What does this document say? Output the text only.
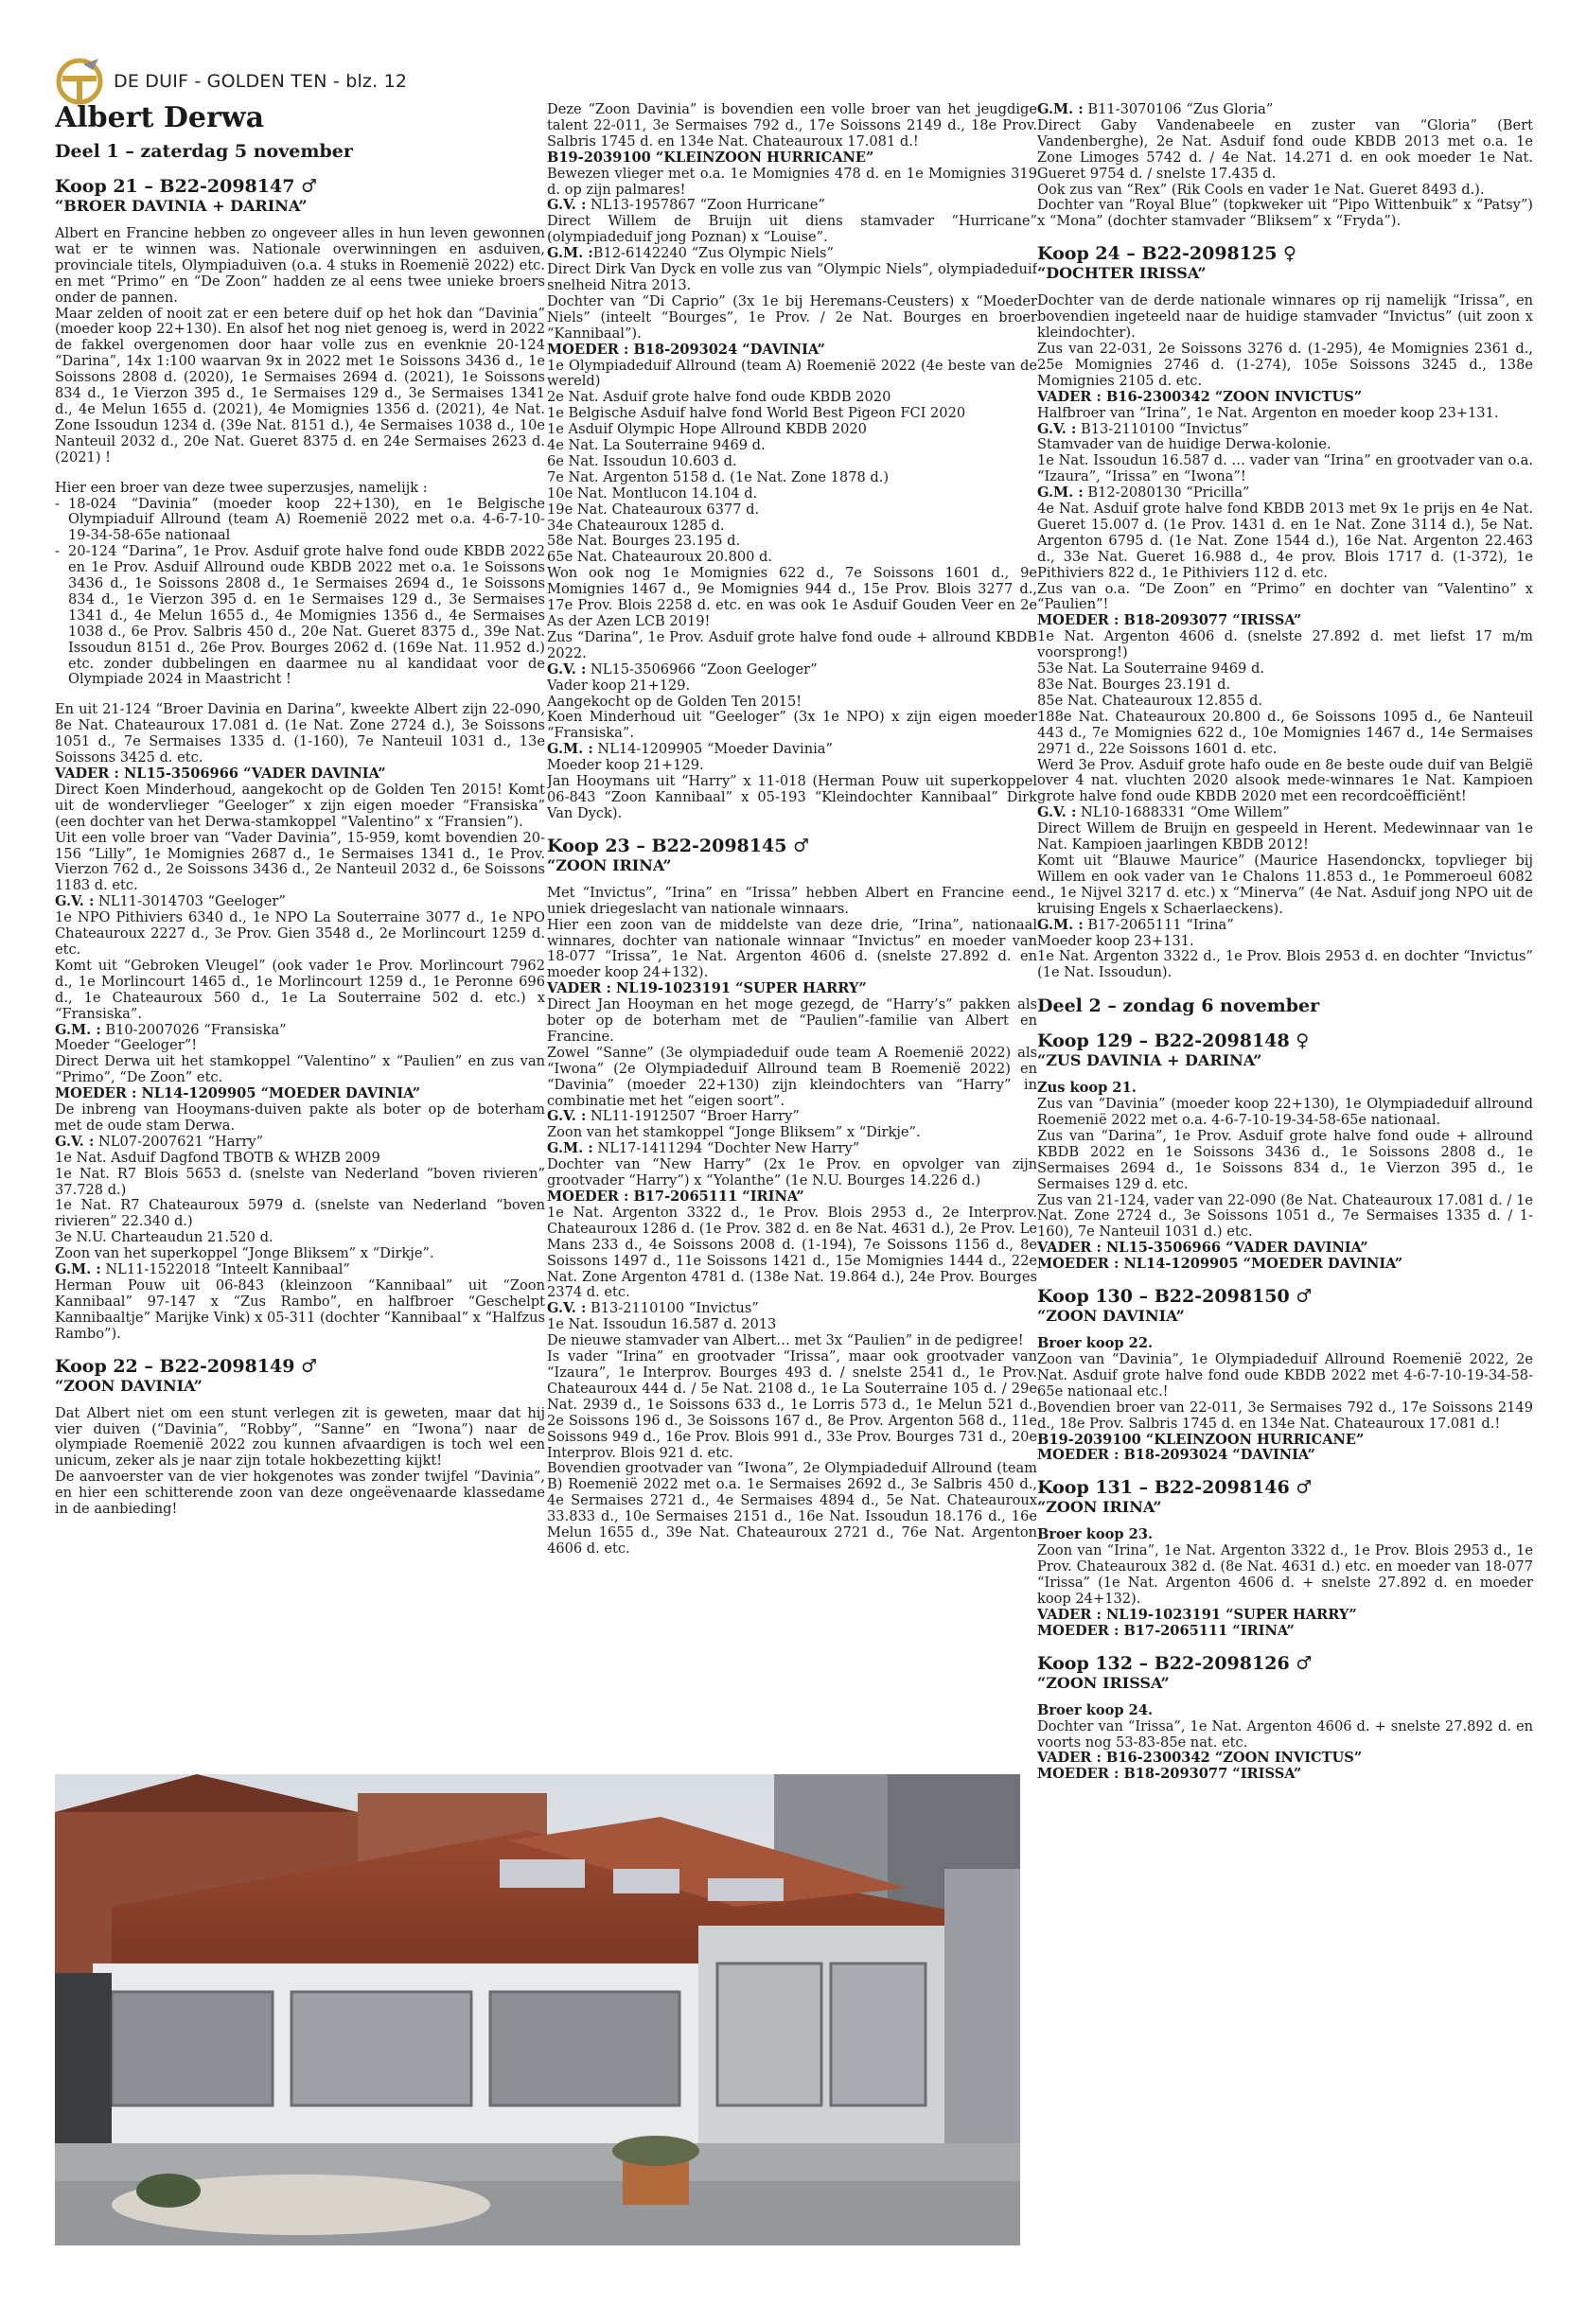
DE DUIF - GOLDEN TEN - blz. 12
Albert Derwa
Deel 1 – zaterdag 5 november
Koop 21 – B22-2098147 ♂
“BROER DAVINIA + DARINA”

Albert en Francine hebben zo ongeveer alles in hun leven gewonnen wat er te winnen was. Nationale overwinningen en asduiven, provinciale titels, Olympiaduiven (o.a. 4 stuks in Roemenië 2022) etc. en met “Primo” en “De Zoon” hadden ze al eens twee unieke broers onder de pannen.

Maar zelden of nooit zat er een betere duif op het hok dan “Davinia” (moeder koop 22+130). En alsof het nog niet genoeg is, werd in 2022 de fakkel overgenomen door haar volle zus en evenknie 20-124 “Darina”, 14x 1:100 waarvan 9x in 2022 met 1e Soissons 3436 d., 1e Soissons 2808 d. (2020), 1e Sermaises 2694 d. (2021), 1e Soissons 834 d., 1e Vierzon 395 d., 1e Sermaises 129 d., 3e Sermaises 1341 d., 4e Melun 1655 d. (2021), 4e Momignies 1356 d. (2021), 4e Nat. Zone Issoudun 1234 d. (39e Nat. 8151 d.), 4e Sermaises 1038 d., 10e Nanteuil 2032 d., 20e Nat. Gueret 8375 d. en 24e Sermaises 2623 d. (2021) !

Hier een broer van deze twee superzusjes, namelijk :

- 18-024 “Davinia” (moeder koop 22+130), en 1e Belgische Olympiaduif Allround (team A) Roemenië 2022 met o.a. 4-6-7-10-19-34-58-65e nationaal
- 20-124 “Darina”, 1e Prov. Asduif grote halve fond oude KBDB 2022 en 1e Prov. Asduif Allround oude KBDB 2022 met o.a. 1e Soissons 3436 d., 1e Soissons 2808 d., 1e Sermaises 2694 d., 1e Soissons 834 d., 1e Vierzon 395 d. en 1e Sermaises 129 d., 3e Sermaises 1341 d., 4e Melun 1655 d., 4e Momignies 1356 d., 4e Sermaises 1038 d., 6e Prov. Salbris 450 d., 20e Nat. Gueret 8375 d., 39e Nat. Issoudun 8151 d., 26e Prov. Bourges 2062 d. (169e Nat. 11.952 d.) etc. zonder dubbelingen en daarmee nu al kandidaat voor de Olympiade 2024 in Maastricht !

En uit 21-124 “Broer Davinia en Darina”, kweekte Albert zijn 22-090, 8e Nat. Chateauroux 17.081 d. (1e Nat. Zone 2724 d.), 3e Soissons 1051 d., 7e Sermaises 1335 d. (1-160), 7e Nanteuil 1031 d., 13e Soissons 3425 d. etc.

VADER : NL15-3506966 “VADER DAVINIA”

Direct Koen Minderhoud, aangekocht op de Golden Ten 2015! Komt uit de wondervlieger “Geeloger” x zijn eigen moeder “Fransiska” (een dochter van het Derwa-stamkoppel “Valentino” x “Fransien”).

Uit een volle broer van “Vader Davinia”, 15-959, komt bovendien 20-156 “Lilly”, 1e Momignies 2687 d., 1e Sermaises 1341 d., 1e Prov. Vierzon 762 d., 2e Soissons 3436 d., 2e Nanteuil 2032 d., 6e Soissons 1183 d. etc.

G.V. : NL11-3014703 “Geeloger”

1e NPO Pithiviers 6340 d., 1e NPO La Souterraine 3077 d., 1e NPO Chateauroux 2227 d., 3e Prov. Gien 3548 d., 2e Morlincourt 1259 d. etc.

Komt uit “Gebroken Vleugel” (ook vader 1e Prov. Morlincourt 7962 d., 1e Morlincourt 1465 d., 1e Morlincourt 1259 d., 1e Peronne 696 d., 1e Chateauroux 560 d., 1e La Souterraine 502 d. etc.) x “Fransiska”.

G.M. : B10-2007026 “Fransiska”

Moeder “Geeloger”!

Direct Derwa uit het stamkoppel “Valentino” x “Paulien” en zus van “Primo”, “De Zoon” etc.

MOEDER : NL14-1209905 “MOEDER DAVINIA”

De inbreng van Hooymans-duiven pakte als boter op de boterham met de oude stam Derwa.

G.V. : NL07-2007621 “Harry”

1e Nat. Asduif Dagfond TBOTB & WHZB 2009

1e Nat. R7 Blois 5653 d. (snelste van Nederland “boven rivieren” 37.728 d.)

1e Nat. R7 Chateauroux 5979 d. (snelste van Nederland “boven rivieren” 22.340 d.)

3e N.U. Charteaudun 21.520 d.

Zoon van het superkoppel “Jonge Bliksem” x “Dirkje”.

G.M. : NL11-1522018 “Inteelt Kannibaal”

Herman Pouw uit 06-843 (kleinzoon “Kannibaal” uit “Zoon Kannibaal” 97-147 x “Zus Rambo”, en halfbroer “Geschelpt Kannibaaltje” Marijke Vink) x 05-311 (dochter “Kannibaal” x “Halfzus Rambo”).

Koop 22 – B22-2098149 ♂
“ZOON DAVINIA”

Dat Albert niet om een stunt verlegen zit is geweten, maar dat hij vier duiven (“Davinia”, “Robby”, “Sanne” en “Iwona”) naar de olympiade Roemenië 2022 zou kunnen afvaardigen is toch wel een unicum, zeker als je naar zijn totale hokbezetting kijkt!

De aanvoerster van de vier hokgenotes was zonder twijfel “Davinia”, en hier een schitterende zoon van deze ongeëvenaarde klassedame in de aanbieding!

Deze “Zoon Davinia” is bovendien een volle broer van het jeugdige talent 22-011, 3e Sermaises 792 d., 17e Soissons 2149 d., 18e Prov. Salbris 1745 d. en 134e Nat. Chateauroux 17.081 d.!

B19-2039100 “KLEINZOON HURRICANE”

Bewezen vlieger met o.a. 1e Momignies 478 d. en 1e Momignies 319 d. op zijn palmares!

G.V. : NL13-1957867 “Zoon Hurricane”

Direct Willem de Bruijn uit diens stamvader “Hurricane” (olympiadeduif jong Poznan) x “Louise”.

G.M. :B12-6142240 “Zus Olympic Niels”

Direct Dirk Van Dyck en volle zus van “Olympic Niels”, olympiadeduif snelheid Nitra 2013.

Dochter van “Di Caprio” (3x 1e bij Heremans-Ceusters) x “Moeder Niels” (inteelt “Bourges”, 1e Prov. / 2e Nat. Bourges en broer “Kannibaal”).

MOEDER : B18-2093024 “DAVINIA”

1e Olympiadeduif Allround (team A) Roemenië 2022 (4e beste van de wereld)

2e Nat. Asduif grote halve fond oude KBDB 2020

1e Belgische Asduif halve fond World Best Pigeon FCI 2020

1e Asduif Olympic Hope Allround KBDB 2020

4e Nat. La Souterraine 9469 d.

6e Nat. Issoudun 10.603 d.

7e Nat. Argenton 5158 d. (1e Nat. Zone 1878 d.)

10e Nat. Montlucon 14.104 d.

19e Nat. Chateauroux 6377 d.

34e Chateauroux 1285 d.

58e Nat. Bourges 23.195 d.

65e Nat. Chateauroux 20.800 d.

Won ook nog 1e Momignies 622 d., 7e Soissons 1601 d., 9e Momignies 1467 d., 9e Momignies 944 d., 15e Prov. Blois 3277 d., 17e Prov. Blois 2258 d. etc. en was ook 1e Asduif Gouden Veer en 2e As der Azen LCB 2019!

Zus “Darina”, 1e Prov. Asduif grote halve fond oude + allround KBDB 2022.

G.V. : NL15-3506966 “Zoon Geeloger”

Vader koop 21+129.

Aangekocht op de Golden Ten 2015!

Koen Minderhoud uit “Geeloger” (3x 1e NPO) x zijn eigen moeder “Fransiska”.

G.M. : NL14-1209905 “Moeder Davinia”

Moeder koop 21+129.

Jan Hooymans uit “Harry” x 11-018 (Herman Pouw uit superkoppel 06-843 “Zoon Kannibaal” x 05-193 “Kleindochter Kannibaal” Dirk Van Dyck).

Koop 23 – B22-2098145 ♂
“ZOON IRINA”

Met “Invictus”, “Irina” en “Irissa” hebben Albert en Francine een uniek driegeslacht van nationale winnaars.

Hier een zoon van de middelste van deze drie, “Irina”, nationaal winnares, dochter van nationale winnaar “Invictus” en moeder van 18-077 “Irissa”, 1e Nat. Argenton 4606 d. (snelste 27.892 d. en moeder koop 24+132).

VADER : NL19-1023191 “SUPER HARRY”

Direct Jan Hooyman en het moge gezegd, de “Harry’s” pakken als boter op de boterham met de “Paulien”-familie van Albert en Francine.

Zowel “Sanne” (3e olympiadeduif oude team A Roemenië 2022) als “Iwona” (2e Olympiadeduif Allround team B Roemenië 2022) en “Davinia” (moeder 22+130) zijn kleindochters van “Harry” in combinatie met het “eigen soort”.

G.V. : NL11-1912507 “Broer Harry”

Zoon van het stamkoppel “Jonge Bliksem” x “Dirkje”.

G.M. : NL17-1411294 “Dochter New Harry”

Dochter van “New Harry” (2x 1e Prov. en opvolger van zijn grootvader “Harry”) x “Yolanthe” (1e N.U. Bourges 14.226 d.)

MOEDER : B17-2065111 “IRINA”

1e Nat. Argenton 3322 d., 1e Prov. Blois 2953 d., 2e Interprov. Chateauroux 1286 d. (1e Prov. 382 d. en 8e Nat. 4631 d.), 2e Prov. Le Mans 233 d., 4e Soissons 2008 d. (1-194), 7e Soissons 1156 d., 8e Soissons 1497 d., 11e Soissons 1421 d., 15e Momignies 1444 d., 22e Nat. Zone Argenton 4781 d. (138e Nat. 19.864 d.), 24e Prov. Bourges 2374 d. etc.

G.V. : B13-2110100 “Invictus”

1e Nat. Issoudun 16.587 d. 2013

De nieuwe stamvader van Albert… met 3x “Paulien” in de pedigree!

Is vader “Irina” en grootvader “Irissa”, maar ook grootvader van “Izaura”, 1e Interprov. Bourges 493 d. / snelste 2541 d., 1e Prov. Chateauroux 444 d. / 5e Nat. 2108 d., 1e La Souterraine 105 d. / 29e Nat. 2939 d., 1e Soissons 633 d., 1e Lorris 573 d., 1e Melun 521 d., 2e Soissons 196 d., 3e Soissons 167 d., 8e Prov. Argenton 568 d., 11e Soissons 949 d., 16e Prov. Blois 991 d., 33e Prov. Bourges 731 d., 20e Interprov. Blois 921 d. etc.

Bovendien grootvader van “Iwona”, 2e Olympiadeduif Allround (team B) Roemenië 2022 met o.a. 1e Sermaises 2692 d., 3e Salbris 450 d., 4e Sermaises 2721 d., 4e Sermaises 4894 d., 5e Nat. Chateauroux 33.833 d., 10e Sermaises 2151 d., 16e Nat. Issoudun 18.176 d., 16e Melun 1655 d., 39e Nat. Chateauroux 2721 d., 76e Nat. Argenton 4606 d. etc.

G.M. : B11-3070106 “Zus Gloria”

Direct Gaby Vandenabeele en zuster van “Gloria” (Bert Vandenberghe), 2e Nat. Asduif fond oude KBDB 2013 met o.a. 1e Zone Limoges 5742 d. / 4e Nat. 14.271 d. en ook moeder 1e Nat. Gueret 9754 d. / snelste 17.435 d.

Ook zus van “Rex” (Rik Cools en vader 1e Nat. Gueret 8493 d.).

Dochter van “Royal Blue” (topkweker uit “Pipo Wittenbuik” x “Patsy”) x “Mona” (dochter stamvader “Bliksem” x “Fryda”).

Koop 24 – B22-2098125 ♀
“DOCHTER IRISSA”

Dochter van de derde nationale winnares op rij namelijk “Irissa”, en bovendien ingeteeld naar de huidige stamvader “Invictus” (uit zoon x kleindochter).

Zus van 22-031, 2e Soissons 3276 d. (1-295), 4e Momignies 2361 d., 25e Momignies 2746 d. (1-274), 105e Soissons 3245 d., 138e Momignies 2105 d. etc.

VADER : B16-2300342 “ZOON INVICTUS”

Halfbroer van “Irina”, 1e Nat. Argenton en moeder koop 23+131.

G.V. : B13-2110100 “Invictus”

Stamvader van de huidige Derwa-kolonie.

1e Nat. Issoudun 16.587 d. … vader van “Irina” en grootvader van o.a. “Izaura”, “Irissa” en “Iwona”!

G.M. : B12-2080130 “Pricilla”

4e Nat. Asduif grote halve fond KBDB 2013 met 9x 1e prijs en 4e Nat. Gueret 15.007 d. (1e Prov. 1431 d. en 1e Nat. Zone 3114 d.), 5e Nat. Argenton 6795 d. (1e Nat. Zone 1544 d.), 16e Nat. Argenton 22.463 d., 33e Nat. Gueret 16.988 d., 4e prov. Blois 1717 d. (1-372), 1e Pithiviers 822 d., 1e Pithiviers 112 d. etc.

Zus van o.a. “De Zoon” en “Primo” en dochter van “Valentino” x “Paulien”!

MOEDER : B18-2093077 “IRISSA”

1e Nat. Argenton 4606 d. (snelste 27.892 d. met liefst 17 m/m voorsprong!)

53e Nat. La Souterraine 9469 d.

83e Nat. Bourges 23.191 d.

85e Nat. Chateauroux 12.855 d.

188e Nat. Chateauroux 20.800 d., 6e Soissons 1095 d., 6e Nanteuil 443 d., 7e Momignies 622 d., 10e Momignies 1467 d., 14e Sermaises 2971 d., 22e Soissons 1601 d. etc.

Werd 3e Prov. Asduif grote hafo oude en 8e beste oude duif van België over 4 nat. vluchten 2020 alsook mede-winnares 1e Nat. Kampioen grote halve fond oude KBDB 2020 met een recordcoëfficiënt!

G.V. : NL10-1688331 “Ome Willem”

Direct Willem de Bruijn en gespeeld in Herent. Medewinnaar van 1e Nat. Kampioen jaarlingen KBDB 2012!

Komt uit “Blauwe Maurice” (Maurice Hasendonckx, topvlieger bij Willem en ook vader van 1e Chalons 11.853 d., 1e Pommeroeul 6082 d., 1e Nijvel 3217 d. etc.) x “Minerva” (4e Nat. Asduif jong NPO uit de kruising Engels x Schaerlaeckens).

G.M. : B17-2065111 “Irina”

Moeder koop 23+131.

1e Nat. Argenton 3322 d., 1e Prov. Blois 2953 d. en dochter “Invictus” (1e Nat. Issoudun).

Deel 2 – zondag 6 november
Koop 129 – B22-2098148 ♀
“ZUS DAVINIA + DARINA”

Zus koop 21.

Zus van “Davinia” (moeder koop 22+130), 1e Olympiadeduif allround Roemenië 2022 met o.a. 4-6-7-10-19-34-58-65e nationaal.

Zus van “Darina”, 1e Prov. Asduif grote halve fond oude + allround KBDB 2022 en 1e Soissons 3436 d., 1e Soissons 2808 d., 1e Sermaises 2694 d., 1e Soissons 834 d., 1e Vierzon 395 d., 1e Sermaises 129 d. etc.

Zus van 21-124, vader van 22-090 (8e Nat. Chateauroux 17.081 d. / 1e Nat. Zone 2724 d., 3e Soissons 1051 d., 7e Sermaises 1335 d. / 1-160), 7e Nanteuil 1031 d.) etc.

VADER : NL15-3506966 “VADER DAVINIA”

MOEDER : NL14-1209905 “MOEDER DAVINIA”

Koop 130 – B22-2098150 ♂
“ZOON DAVINIA”

Broer koop 22.

Zoon van “Davinia”, 1e Olympiadeduif Allround Roemenië 2022, 2e Nat. Asduif grote halve fond oude KBDB 2022 met 4-6-7-10-19-34-58-65e nationaal etc.!

Bovendien broer van 22-011, 3e Sermaises 792 d., 17e Soissons 2149 d., 18e Prov. Salbris 1745 d. en 134e Nat. Chateauroux 17.081 d.!

B19-2039100 “KLEINZOON HURRICANE”

MOEDER : B18-2093024 “DAVINIA”

Koop 131 – B22-2098146 ♂
“ZOON IRINA”

Broer koop 23.

Zoon van “Irina”, 1e Nat. Argenton 3322 d., 1e Prov. Blois 2953 d., 1e Prov. Chateauroux 382 d. (8e Nat. 4631 d.) etc. en moeder van 18-077 “Irissa” (1e Nat. Argenton 4606 d. + snelste 27.892 d. en moeder koop 24+132).

VADER : NL19-1023191 “SUPER HARRY”

MOEDER : B17-2065111 “IRINA”

Koop 132 – B22-2098126 ♂
“ZOON IRISSA”

Broer koop 24.

Dochter van “Irissa”, 1e Nat. Argenton 4606 d. + snelste 27.892 d. en voorts nog 53-83-85e nat. etc.

VADER : B16-2300342 “ZOON INVICTUS”

MOEDER : B18-2093077 “IRISSA”
